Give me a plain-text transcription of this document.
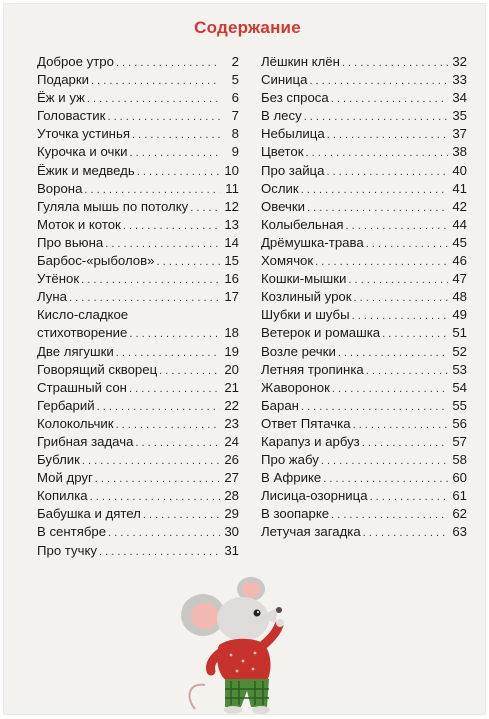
Содержание
Доброе утро . . .	2
Подарки . . .	5
Ёж и уж . . .	6
Головастик . . .	7
Уточка устинья . . .	8
Курочка и очки . . .	9
Ёжик и медведь . . .	10
Ворона . . .	11
Гуляла мышь по потолку . . .	12
Моток и коток . . .	13
Про вьюна . . .	14
Барбос-«рыболов» . . .	15
Утёнок . . .	16
Луна . . .	17
Кисло-сладкое
стихотворение . . .	18
Две лягушки . . .	19
Говорящий скворец . . .	20
Страшный сон . . .	21
Гербарий . . .	22
Колокольчик . . .	23
Грибная задача . . .	24
Бублик . . .	26
Мой друг . . .	27
Копилка . . .	28
Бабушка и дятел . . .	29
В сентябре . . .	30
Про тучку . . .	31
Лёшкин клён . . .	32
Синица . . .	33
Без спроса . . .	34
В лесу . . .	35
Небылица . . .	37
Цветок . . .	38
Про зайца . . .	40
Ослик . . .	41
Овечки . . .	42
Колыбельная . . .	44
Дрёмушка-трава . . .	45
Хомячок . . .	46
Кошки-мышки . . .	47
Козлиный урок . . .	48
Шубки и шубы . . .	49
Ветерок и ромашка . . .	51
Возле речки . . .	52
Летняя тропинка . . .	53
Жаворонок . . .	54
Баран . . .	55
Ответ Пятачка . . .	56
Карапуз и арбуз . . .	57
Про жабу . . .	58
В Африке . . .	60
Лисица-озорница . . .	61
В зоопарке . . .	62
Летучая загадка . . .	63
